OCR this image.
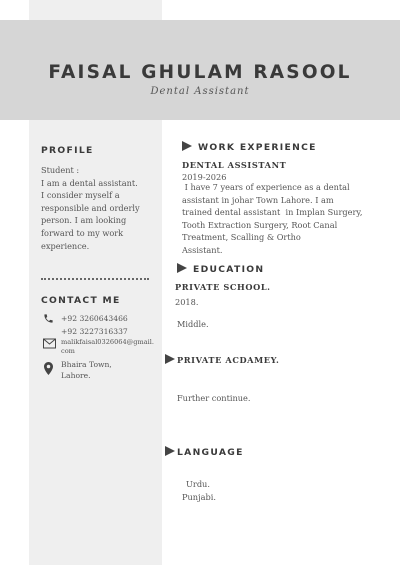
FAISAL GHULAM RASOOL
Dental Assistant
PROFILE
Student :
I am a dental assistant.
I consider myself a
responsible and orderly
person. I am looking
forward to my work
experience.
CONTACT ME
+92 3260643466
+92 3227316337
malikfaisal0326064@gmail.
com
Bhaira Town,
Lahore.
WORK EXPERIENCE
DENTAL ASSISTANT
2019-2026
I have 7 years of experience as a dental
assistant in johar Town Lahore. I am
trained dental assistant  in Implan Surgery,
Tooth Extraction Surgery, Root Canal
Treatment, Scalling & Ortho
Assistant.
EDUCATION
PRIVATE SCHOOL.
2018.
Middle.
PRIVATE ACDAMEY.
Further continue.
LANGUAGE
Urdu.
Punjabi.
